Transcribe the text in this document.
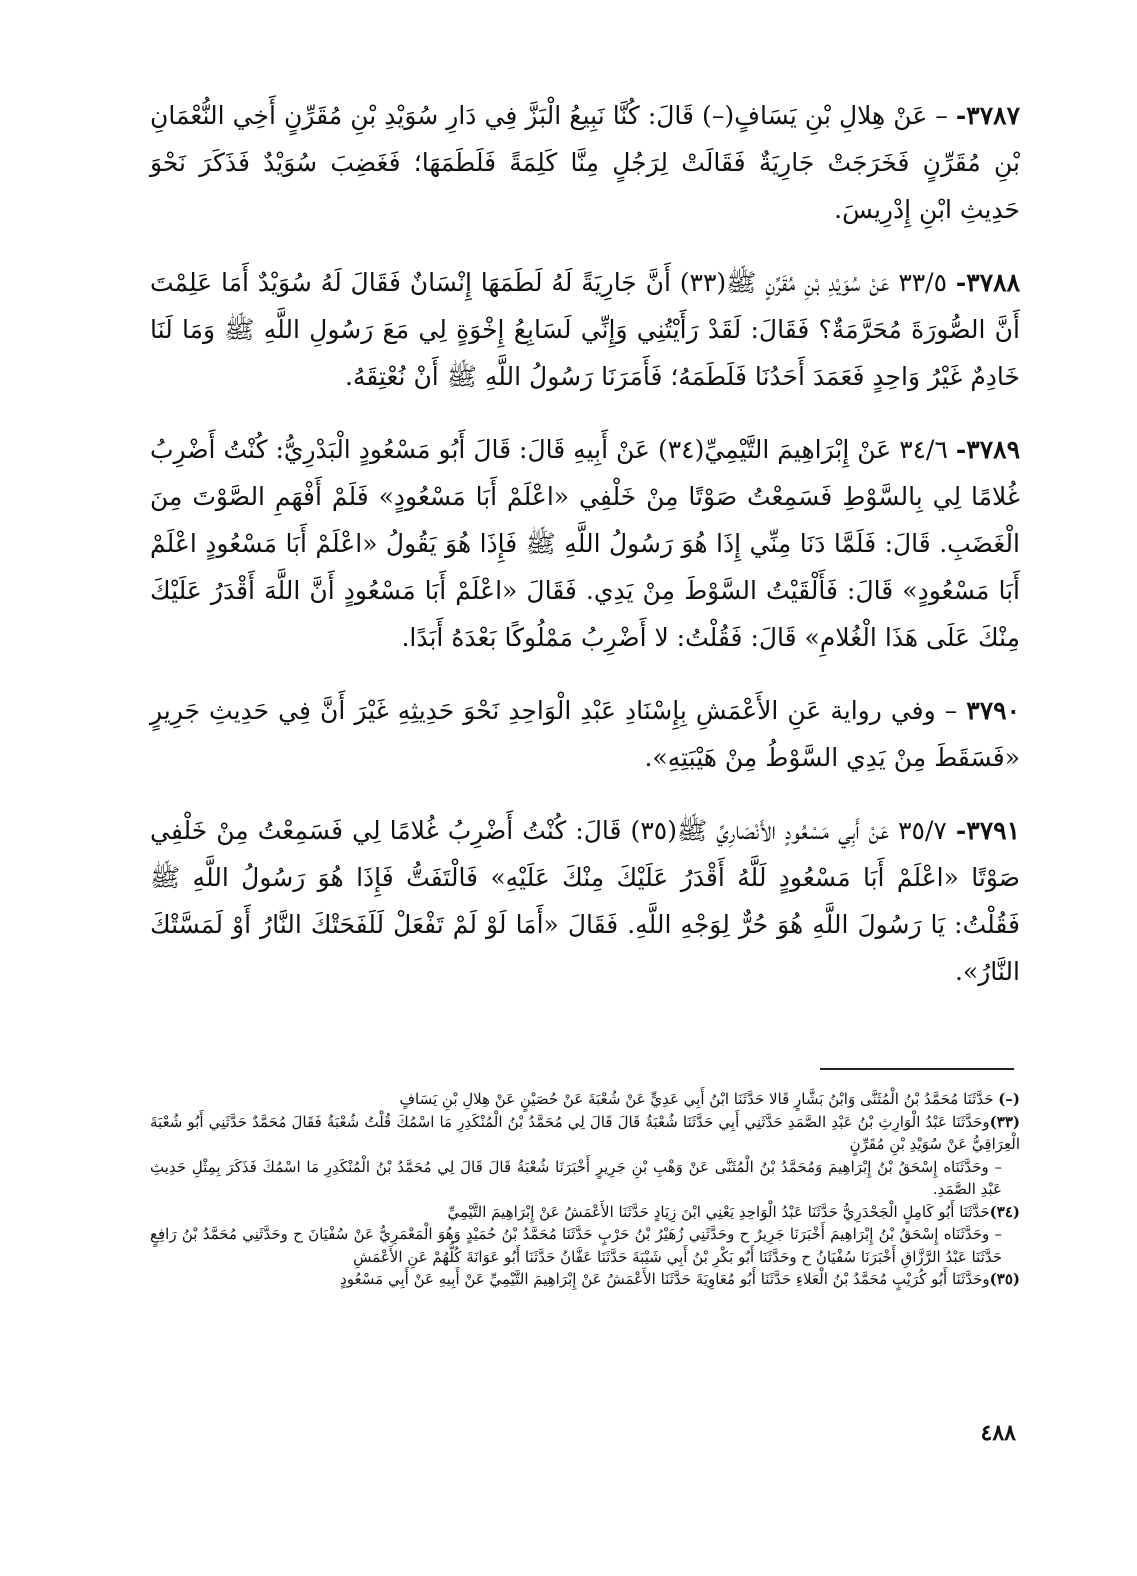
٣٧٨٧- – عَنْ هِلالِ بْنِ يَسَافٍ(–) قَالَ: كُنَّا نَبِيعُ الْبَزَّ فِي دَارِ سُوَيْدِ بْنِ مُقَرِّنٍ أَخِي النُّعْمَانِ بْنِ مُقَرِّنٍ فَخَرَجَتْ جَارِيَةٌ فَقَالَتْ لِرَجُلٍ مِنَّا كَلِمَةً فَلَطَمَهَا؛ فَغَضِبَ سُوَيْدٌ فَذَكَرَ نَحْوَ حَدِيثِ ابْنِ إِدْرِيسَ.

٣٧٨٨- ٣٣/٥ عَنْ سُوَيْدِ بْنِ مُقَرِّنٍ ﷺ(٣٣) أَنَّ جَارِيَةً لَهُ لَطَمَهَا إِنْسَانٌ فَقَالَ لَهُ سُوَيْدٌ أَمَا عَلِمْتَ أَنَّ الصُّورَةَ مُحَرَّمَةٌ؟ فَقَالَ: لَقَدْ رَأَيْتُنِي وَإِنِّي لَسَابِعُ إِخْوَةٍ لِي مَعَ رَسُولِ اللَّهِ ﷺ وَمَا لَنَا خَادِمٌ غَيْرُ وَاحِدٍ فَعَمَدَ أَحَدُنَا فَلَطَمَهُ؛ فَأَمَرَنَا رَسُولُ اللَّهِ ﷺ أَنْ نُعْتِقَهُ.

٣٧٨٩- ٣٤/٦ عَنْ إِبْرَاهِيمَ التَّيْمِيِّ(٣٤) عَنْ أَبِيهِ قَالَ: قَالَ أَبُو مَسْعُودٍ الْبَدْرِيُّ: كُنْتُ أَضْرِبُ غُلامًا لِي بِالسَّوْطِ فَسَمِعْتُ صَوْتًا مِنْ خَلْفِي «اعْلَمْ أَبَا مَسْعُودٍ» فَلَمْ أَفْهَمِ الصَّوْتَ مِنَ الْغَضَبِ. قَالَ: فَلَمَّا دَنَا مِنِّي إِذَا هُوَ رَسُولُ اللَّهِ ﷺ فَإِذَا هُوَ يَقُولُ «اعْلَمْ أَبَا مَسْعُودٍ اعْلَمْ أَبَا مَسْعُودٍ» قَالَ: فَأَلْقَيْتُ السَّوْطَ مِنْ يَدِي. فَقَالَ «اعْلَمْ أَبَا مَسْعُودٍ أَنَّ اللَّهَ أَقْدَرُ عَلَيْكَ مِنْكَ عَلَى هَذَا الْغُلامِ» قَالَ: فَقُلْتُ: لا أَضْرِبُ مَمْلُوكًا بَعْدَهُ أَبَدًا.

٣٧٩٠ – وفي رواية عَنِ الأَعْمَشِ بِإِسْنَادِ عَبْدِ الْوَاحِدِ نَحْوَ حَدِيثِهِ غَيْرَ أَنَّ فِي حَدِيثِ جَرِيرٍ «فَسَقَطَ مِنْ يَدِي السَّوْطُ مِنْ هَيْبَتِهِ».

٣٧٩١- ٣٥/٧ عَنْ أَبِي مَسْعُودٍ الأَنْصَارِيِّ ﷺ(٣٥) قَالَ: كُنْتُ أَضْرِبُ غُلامًا لِي فَسَمِعْتُ مِنْ خَلْفِي صَوْتًا «اعْلَمْ أَبَا مَسْعُودٍ لَلَّهُ أَقْدَرُ عَلَيْكَ مِنْكَ عَلَيْهِ» فَالْتَفَتُّ فَإِذَا هُوَ رَسُولُ اللَّهِ ﷺ فَقُلْتُ: يَا رَسُولَ اللَّهِ هُوَ حُرٌّ لِوَجْهِ اللَّهِ. فَقَالَ «أَمَا لَوْ لَمْ تَفْعَلْ لَلَفَحَتْكَ النَّارُ أَوْ لَمَسَّتْكَ النَّارُ».

(–) حَدَّثَنَا مُحَمَّدُ بْنُ الْمُثَنَّى وَابْنُ بَشَّارٍ قَالا حَدَّثَنَا ابْنُ أَبِي عَدِيٍّ عَنْ شُعْبَةَ عَنْ حُصَيْنٍ عَنْ هِلالِ بْنِ يَسَافٍ

(٣٣)وحَدَّثَنَا عَبْدُ الْوَارِثِ بْنُ عَبْدِ الصَّمَدِ حَدَّثَنِي أَبِي حَدَّثَنَا شُعْبَةُ قَالَ قَالَ لِي مُحَمَّدُ بْنُ الْمُنْكَدِرِ مَا اسْمُكَ قُلْتُ شُعْبَةُ فَقَالَ مُحَمَّدٌ حَدَّثَنِي أَبُو شُعْبَةَ الْعِرَاقِيُّ عَنْ سُوَيْدِ بْنِ مُقَرِّنٍ

– وحَدَّثَنَاه إِسْحَقُ بْنُ إِبْرَاهِيمَ وَمُحَمَّدُ بْنُ الْمُثَنَّى عَنْ وَهْبِ بْنِ جَرِيرٍ أَخْبَرَنَا شُعْبَةُ قَالَ قَالَ لِي مُحَمَّدُ بْنُ الْمُنْكَدِرِ مَا اسْمُكَ فَذَكَرَ بِمِثْلِ حَدِيثِ عَبْدِ الصَّمَدِ.

(٣٤)حَدَّثَنَا أَبُو كَامِلٍ الْجَحْدَرِيُّ حَدَّثَنَا عَبْدُ الْوَاحِدِ يَعْنِي ابْنَ زِيَادٍ حَدَّثَنَا الأَعْمَشُ عَنْ إِبْرَاهِيمَ التَّيْمِيِّ

– وحَدَّثَنَاه إِسْحَقُ بْنُ إِبْرَاهِيمَ أَخْبَرَنَا جَرِيرٌ ح وحَدَّثَنِي زُهَيْرُ بْنُ حَرْبٍ حَدَّثَنَا مُحَمَّدُ بْنُ حُمَيْدٍ وَهُوَ الْمَعْمَرِيُّ عَنْ سُفْيَانَ ح وحَدَّثَنِي مُحَمَّدُ بْنُ رَافِعٍ حَدَّثَنَا عَبْدُ الرَّزَّاقِ أَخْبَرَنَا سُفْيَانُ ح وحَدَّثَنَا أَبُو بَكْرِ بْنُ أَبِي شَيْبَةَ حَدَّثَنَا عَفَّانُ حَدَّثَنَا أَبُو عَوَانَةَ كُلُّهُمْ عَنِ الأَعْمَشِ

(٣٥)وحَدَّثَنَا أَبُو كُرَيْبٍ مُحَمَّدُ بْنُ الْعَلاءِ حَدَّثَنَا أَبُو مُعَاوِيَةَ حَدَّثَنَا الأَعْمَشُ عَنْ إِبْرَاهِيمَ التَّيْمِيِّ عَنْ أَبِيهِ عَنْ أَبِي مَسْعُودٍ

٤٨٨
